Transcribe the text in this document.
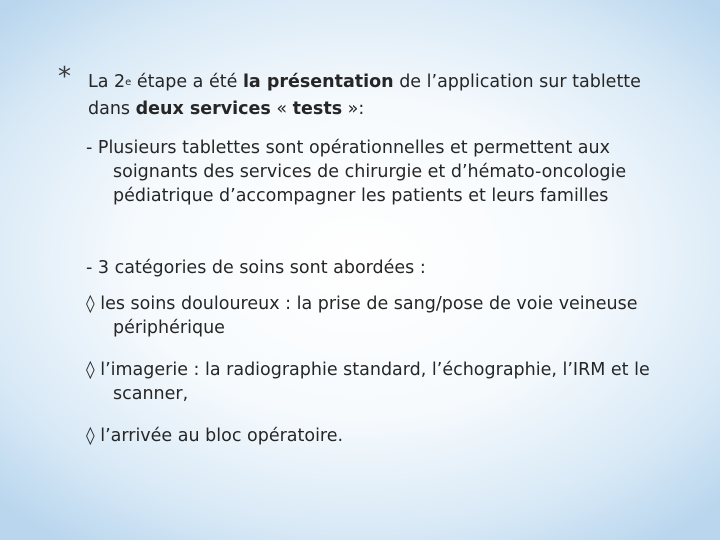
* La 2e étape a été la présentation de l’application sur tablette dans deux services « tests »:
- Plusieurs tablettes sont opérationnelles et permettent aux soignants des services de chirurgie et d’hémato-oncologie pédiatrique d’accompagner les patients et leurs familles
- 3 catégories de soins sont abordées :
◊ les soins douloureux : la prise de sang/pose de voie veineuse périphérique
◊ l’imagerie : la radiographie standard, l’échographie, l’IRM et le scanner,
◊ l’arrivée au bloc opératoire.
